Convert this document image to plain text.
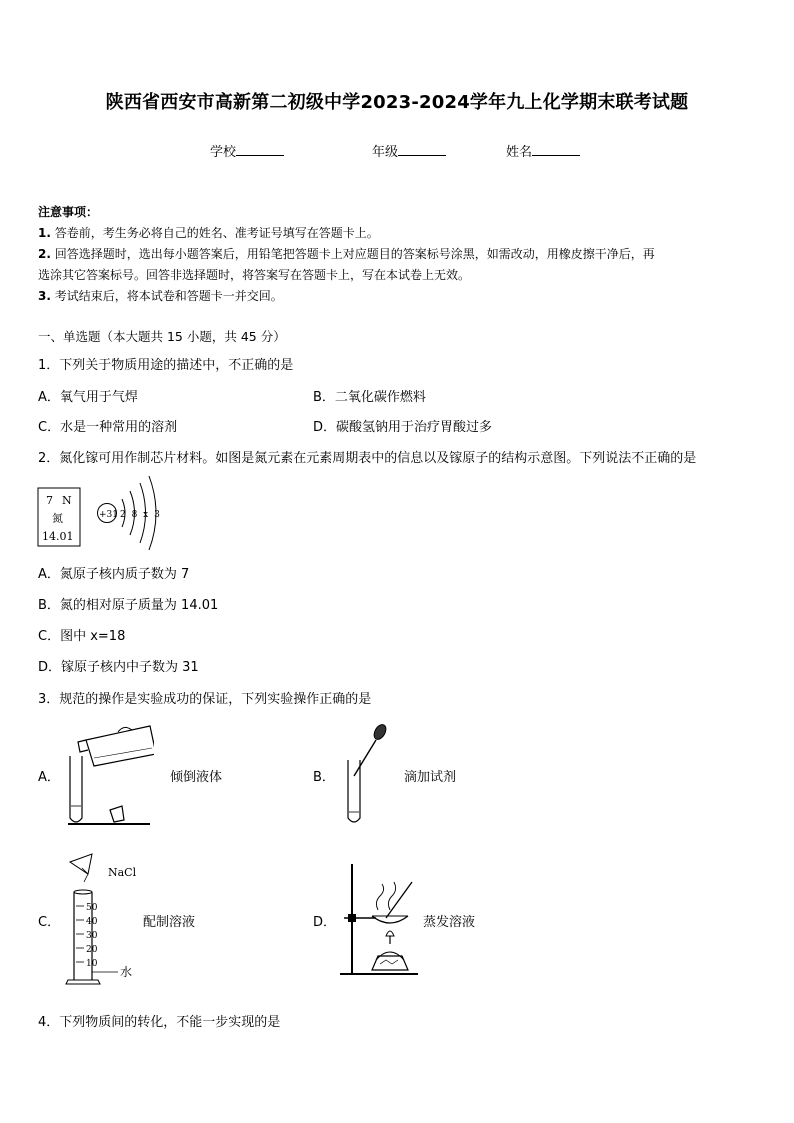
陕西省西安市高新第二初级中学2023-2024学年九上化学期末联考试题
学校	年级	姓名
注意事项：
1. 答卷前，考生务必将自己的姓名、准考证号填写在答题卡上。
2. 回答选择题时，选出每小题答案后，用铅笔把答题卡上对应题目的答案标号涂黑，如需改动，用橡皮擦干净后，再
选涂其它答案标号。回答非选择题时，将答案写在答题卡上，写在本试卷上无效。
3. 考试结束后，将本试卷和答题卡一并交回。
一、单选题（本大题共 15 小题，共 45 分）
1．下列关于物质用途的描述中，不正确的是
A．氧气用于气焊	B．二氧化碳作燃料
C．水是一种常用的溶剂	D．碳酸氢钠用于治疗胃酸过多
2．氮化镓可用作制芯片材料。如图是氮元素在元素周期表中的信息以及镓原子的结构示意图。下列说法不正确的是
7 N
氮
14.01
+31 2 8 x 3
A．氮原子核内质子数为 7
B．氮的相对原子质量为 14.01
C．图中 x=18
D．镓原子核内中子数为 31
3．规范的操作是实验成功的保证，下列实验操作正确的是
A．	倾倒液体	B．	滴加试剂
C．
NaCl
50
40
30
20
10
水
配制溶液	D．	蒸发溶液
4．下列物质间的转化，不能一步实现的是
